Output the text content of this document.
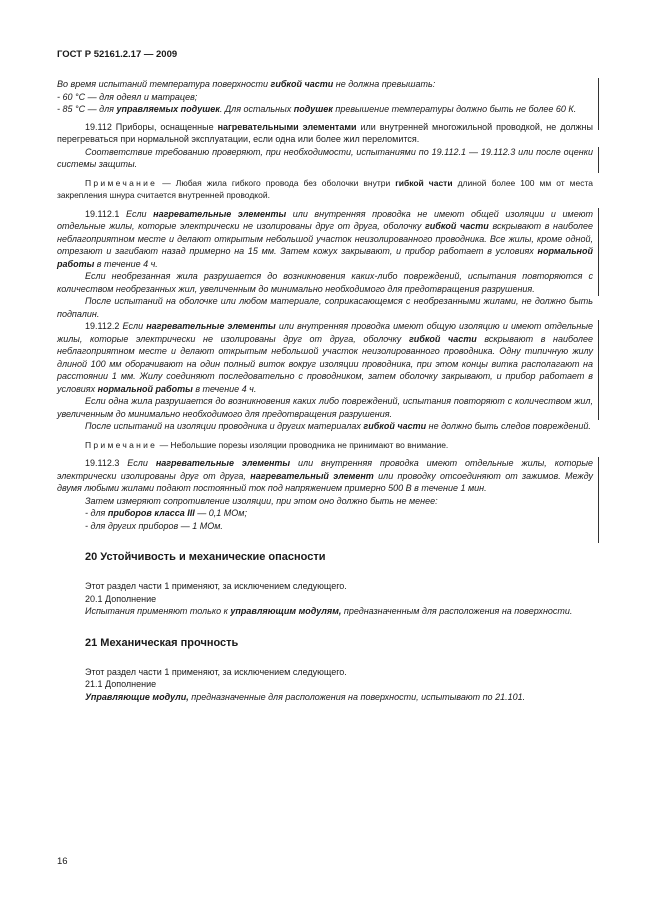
ГОСТ Р 52161.2.17 — 2009

Во время испытаний температура поверхности гибкой части не должна превышать:

- 60 °С — для одеял и матрацев;

- 85 °С — для управляемых подушек. Для остальных подушек превышение температуры должно быть не более 60 К.

19.112 Приборы, оснащенные нагревательными элементами или внутренней многожильной проводкой, не должны перегреваться при нормальной эксплуатации, если одна или более жил переломится.

Соответствие требованию проверяют, при необходимости, испытаниями по 19.112.1 — 19.112.3 или после оценки системы защиты.

Примечание — Любая жила гибкого провода без оболочки внутри гибкой части длиной более 100 мм от места закрепления шнура считается внутренней проводкой.

19.112.1 Если нагревательные элементы или внутренняя проводка не имеют общей изоляции и имеют отдельные жилы, которые электрически не изолированы друг от друга, оболочку гибкой части вскрывают в наиболее неблагоприятном месте и делают открытым небольшой участок неизолированного проводника. Все жилы, кроме одной, отрезают и загибают назад примерно на 15 мм. Затем кожух закрывают, и прибор работает в условиях нормальной работы в течение 4 ч.

Если необрезанная жила разрушается до возникновения каких-либо повреждений, испытания повторяются с количеством необрезанных жил, увеличенным до минимально необходимого для предотвращения разрушения.

После испытаний на оболочке или любом материале, соприкасающемся с необрезанными жилами, не должно быть подпалин.

19.112.2 Если нагревательные элементы или внутренняя проводка имеют общую изоляцию и имеют отдельные жилы, которые электрически не изолированы друг от друга, оболочку гибкой части вскрывают в наиболее неблагоприятном месте и делают открытым небольшой участок неизолированного проводника. Одну типичную жилу длиной 100 мм оборачивают на один полный виток вокруг изоляции проводника, при этом концы витка располагают на расстоянии 1 мм. Жилу соединяют последовательно с проводником, затем оболочку закрывают, и прибор работает в условиях нормальной работы в течение 4 ч.

Если одна жила разрушается до возникновения каких либо повреждений, испытания повторяют с количеством жил, увеличенным до минимально необходимого для предотвращения разрушения.

После испытаний на изоляции проводника и других материалах гибкой части не должно быть следов повреждений.

Примечание — Небольшие порезы изоляции проводника не принимают во внимание.

19.112.3 Если нагревательные элементы или внутренняя проводка имеют отдельные жилы, которые электрически изолированы друг от друга, нагревательный элемент или проводку отсоединяют от зажимов. Между двумя любыми жилами подают постоянный ток под напряжением примерно 500 В в течение 1 мин.

Затем измеряют сопротивление изоляции, при этом оно должно быть не менее:

- для приборов класса III — 0,1 МОм;

- для других приборов — 1 МОм.

20 Устойчивость и механические опасности

Этот раздел части 1 применяют, за исключением следующего.

20.1 Дополнение

Испытания применяют только к управляющим модулям, предназначенным для расположения на поверхности.

21 Механическая прочность

Этот раздел части 1 применяют, за исключением следующего.

21.1 Дополнение

Управляющие модули, предназначенные для расположения на поверхности, испытывают по 21.101.

16
